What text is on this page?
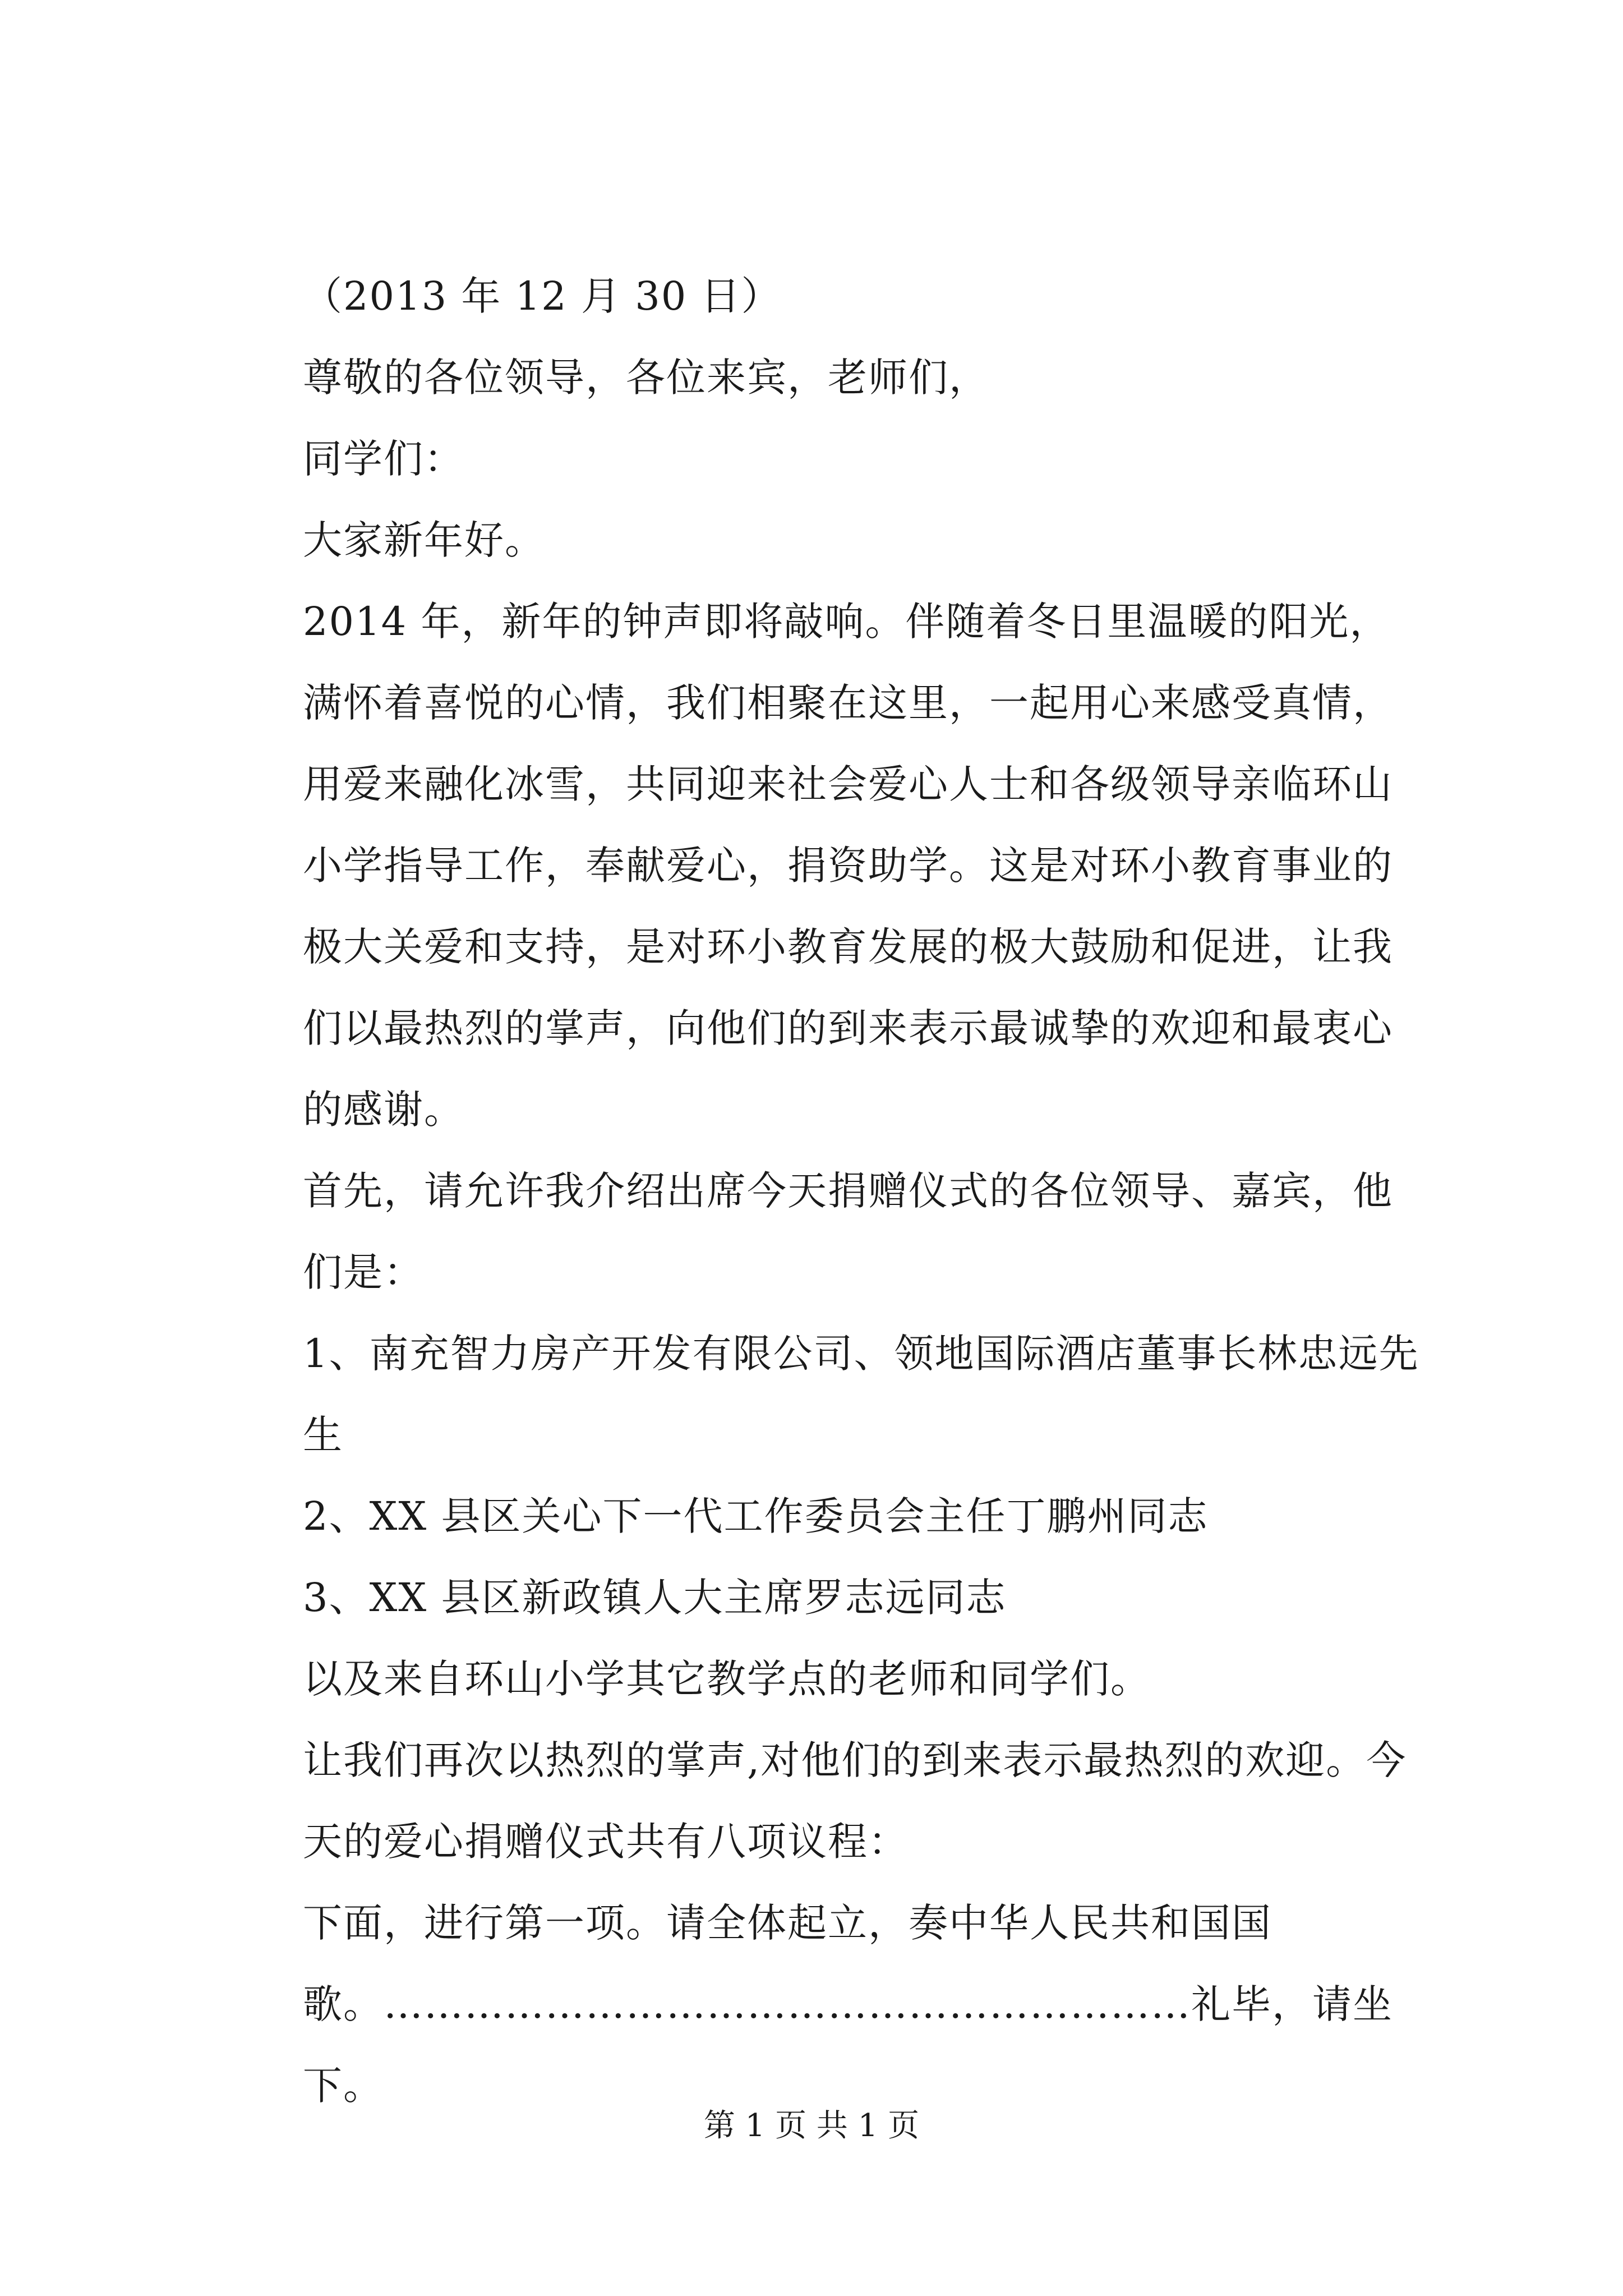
（2013 年 12 月 30 日）

尊敬的各位领导，各位来宾，老师们，

同学们：

大家新年好。

2014 年，新年的钟声即将敲响。伴随着冬日里温暖的阳光，满怀着喜悦的心情，我们相聚在这里，一起用心来感受真情，用爱来融化冰雪，共同迎来社会爱心人士和各级领导亲临环山小学指导工作，奉献爱心，捐资助学。这是对环小教育事业的极大关爱和支持，是对环小教育发展的极大鼓励和促进，让我们以最热烈的掌声，向他们的到来表示最诚挚的欢迎和最衷心的感谢。

首先，请允许我介绍出席今天捐赠仪式的各位领导、嘉宾，他们是：

1、南充智力房产开发有限公司、领地国际酒店董事长林忠远先生

2、XX 县区关心下一代工作委员会主任丁鹏州同志

3、XX 县区新政镇人大主席罗志远同志

以及来自环山小学其它教学点的老师和同学们。

让我们再次以热烈的掌声,对他们的到来表示最热烈的欢迎。今天的爱心捐赠仪式共有八项议程：

下面，进行第一项。请全体起立，奏中华人民共和国国歌。……………………………………………………礼毕，请坐下。

第 1 页 共 1 页
